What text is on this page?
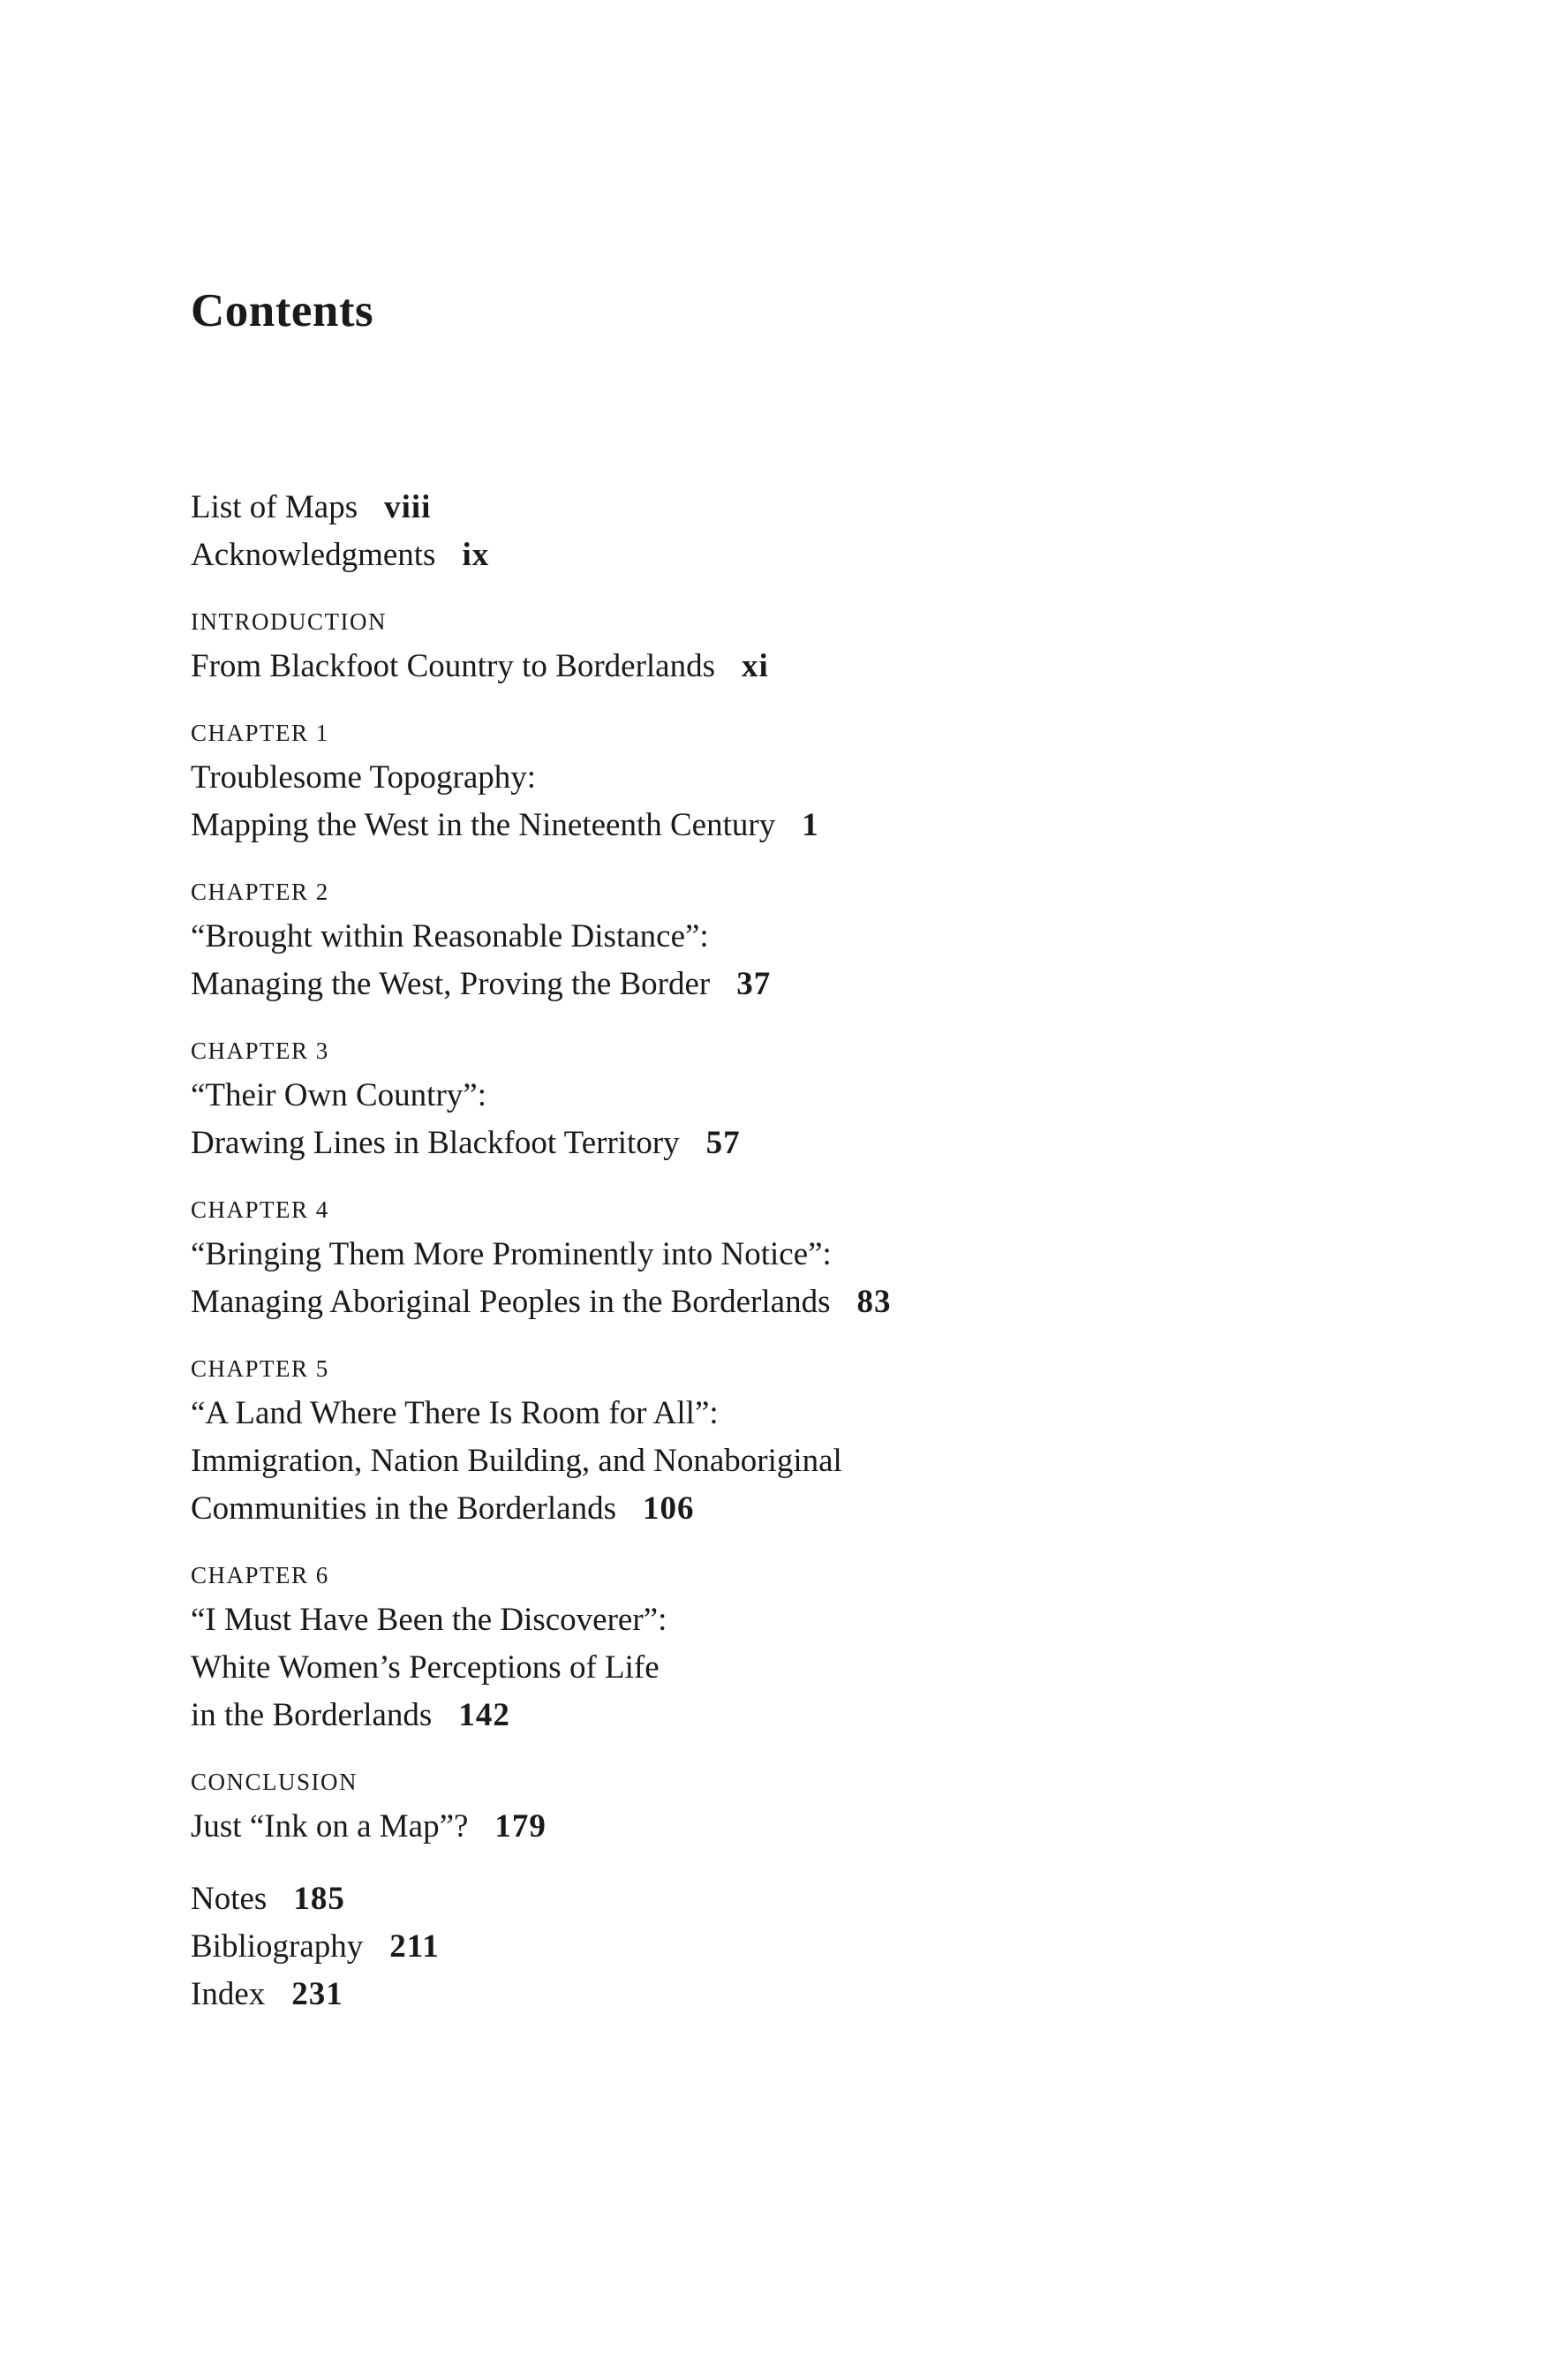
Contents
List of Maps viii
Acknowledgments ix
INTRODUCTION
From Blackfoot Country to Borderlands xi
CHAPTER 1
Troublesome Topography:
Mapping the West in the Nineteenth Century 1
CHAPTER 2
“Brought within Reasonable Distance”:
Managing the West, Proving the Border 37
CHAPTER 3
“Their Own Country”:
Drawing Lines in Blackfoot Territory 57
CHAPTER 4
“Bringing Them More Prominently into Notice”:
Managing Aboriginal Peoples in the Borderlands 83
CHAPTER 5
“A Land Where There Is Room for All”:
Immigration, Nation Building, and Nonaboriginal
Communities in the Borderlands 106
CHAPTER 6
“I Must Have Been the Discoverer”:
White Women’s Perceptions of Life
in the Borderlands 142
CONCLUSION
Just “Ink on a Map”? 179
Notes 185
Bibliography 211
Index 231
